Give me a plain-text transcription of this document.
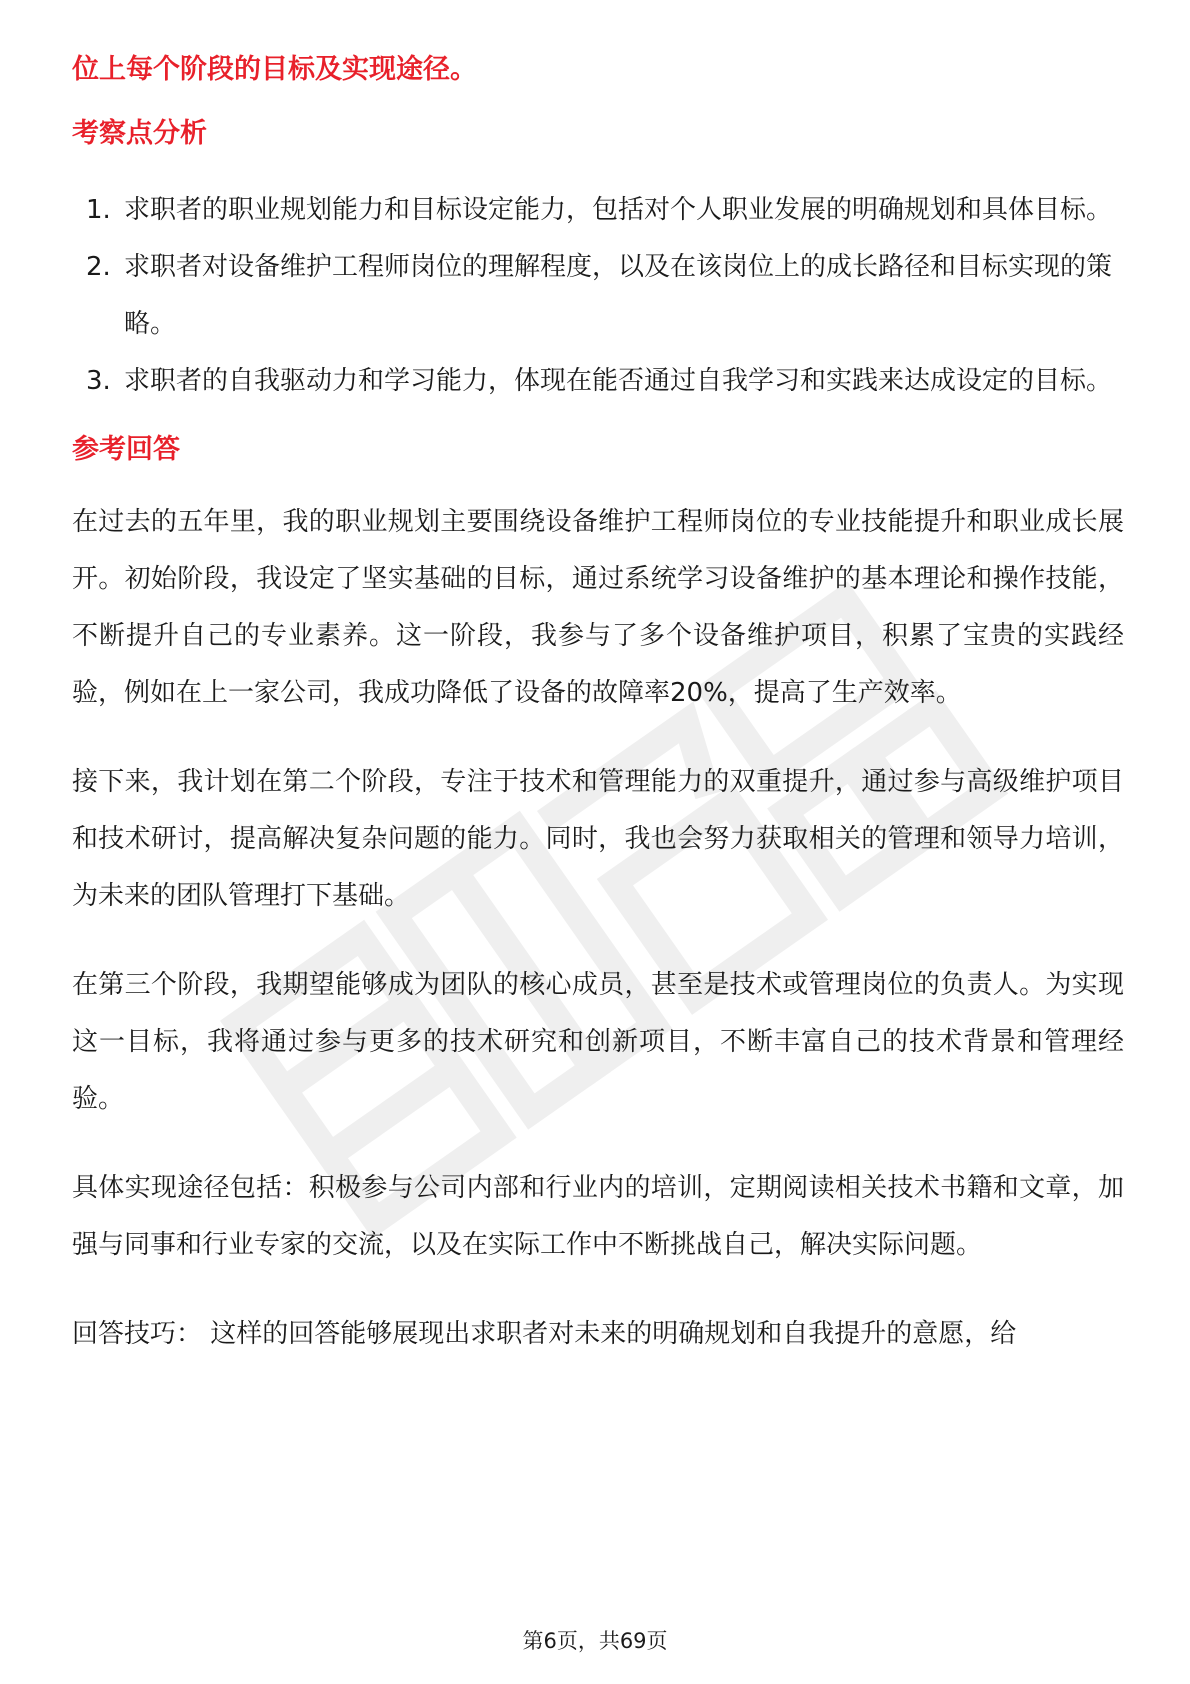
位上每个阶段的目标及实现途径。
考察点分析
1. 求职者的职业规划能力和目标设定能力，包括对个人职业发展的明确规划和具体目标。
2. 求职者对设备维护工程师岗位的理解程度，以及在该岗位上的成长路径和目标实现的策略。
3. 求职者的自我驱动力和学习能力，体现在能否通过自我学习和实践来达成设定的目标。
参考回答

在过去的五年里，我的职业规划主要围绕设备维护工程师岗位的专业技能提升和职业成长展开。初始阶段，我设定了坚实基础的目标，通过系统学习设备维护的基本理论和操作技能，不断提升自己的专业素养。这一阶段，我参与了多个设备维护项目，积累了宝贵的实践经验，例如在上一家公司，我成功降低了设备的故障率20%，提高了生产效率。

接下来，我计划在第二个阶段，专注于技术和管理能力的双重提升，通过参与高级维护项目和技术研讨，提高解决复杂问题的能力。同时，我也会努力获取相关的管理和领导力培训，为未来的团队管理打下基础。

在第三个阶段，我期望能够成为团队的核心成员，甚至是技术或管理岗位的负责人。为实现这一目标，我将通过参与更多的技术研究和创新项目，不断丰富自己的技术背景和管理经验。

具体实现途径包括：积极参与公司内部和行业内的培训，定期阅读相关技术书籍和文章，加强与同事和行业专家的交流，以及在实际工作中不断挑战自己，解决实际问题。

回答技巧： 这样的回答能够展现出求职者对未来的明确规划和自我提升的意愿，给

第6页，共69页
